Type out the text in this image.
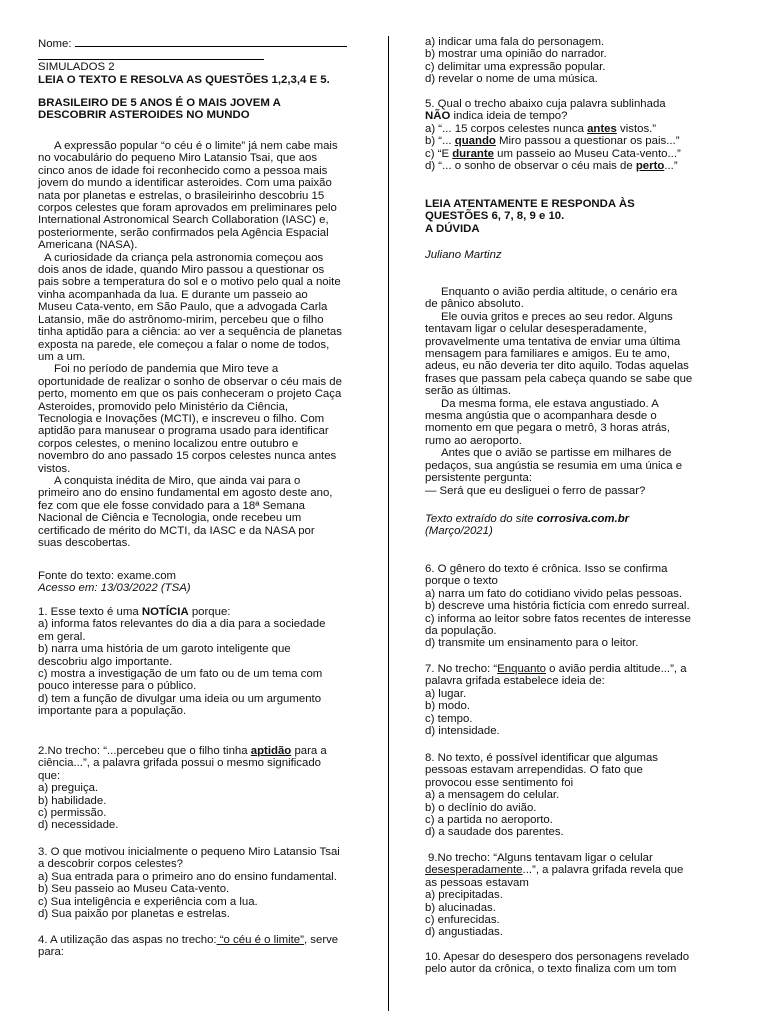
Nome:
SIMULADOS 2
LEIA O TEXTO E RESOLVA AS QUESTÕES 1,2,3,4 E 5.
BRASILEIRO DE 5 ANOS É O MAIS JOVEM A
DESCOBRIR ASTEROIDES NO MUNDO
A expressão popular “o céu é o limite” já nem cabe mais
no vocabulário do pequeno Miro Latansio Tsai, que aos
cinco anos de idade foi reconhecido como a pessoa mais
jovem do mundo a identificar asteroides. Com uma paixão
nata por planetas e estrelas, o brasileirinho descobriu 15
corpos celestes que foram aprovados em preliminares pelo
International Astronomical Search Collaboration (IASC) e,
posteriormente, serão confirmados pela Agência Espacial
Americana (NASA).
A curiosidade da criança pela astronomia começou aos
dois anos de idade, quando Miro passou a questionar os
pais sobre a temperatura do sol e o motivo pelo qual a noite
vinha acompanhada da lua. E durante um passeio ao
Museu Cata-vento, em São Paulo, que a advogada Carla
Latansio, mãe do astrônomo-mirim, percebeu que o filho
tinha aptidão para a ciência: ao ver a sequência de planetas
exposta na parede, ele começou a falar o nome de todos,
um a um.
Foi no período de pandemia que Miro teve a
oportunidade de realizar o sonho de observar o céu mais de
perto, momento em que os pais conheceram o projeto Caça
Asteroides, promovido pelo Ministério da Ciência,
Tecnologia e Inovações (MCTI), e inscreveu o filho. Com
aptidão para manusear o programa usado para identificar
corpos celestes, o menino localizou entre outubro e
novembro do ano passado 15 corpos celestes nunca antes
vistos.
A conquista inédita de Miro, que ainda vai para o
primeiro ano do ensino fundamental em agosto deste ano,
fez com que ele fosse convidado para a 18ª Semana
Nacional de Ciência e Tecnologia, onde recebeu um
certificado de mérito do MCTI, da IASC e da NASA por
suas descobertas.
Fonte do texto: exame.com
Acesso em: 13/03/2022 (TSA)
1. Esse texto é uma NOTÍCIA porque:
a) informa fatos relevantes do dia a dia para a sociedade
em geral.
b) narra uma história de um garoto inteligente que
descobriu algo importante.
c) mostra a investigação de um fato ou de um tema com
pouco interesse para o público.
d) tem a função de divulgar uma ideia ou um argumento
importante para a população.
2.No trecho: “...percebeu que o filho tinha aptidão para a
ciência...”, a palavra grifada possui o mesmo significado
que:
a) preguiça.
b) habilidade.
c) permissão.
d) necessidade.
3. O que motivou inicialmente o pequeno Miro Latansio Tsai
a descobrir corpos celestes?
a) Sua entrada para o primeiro ano do ensino fundamental.
b) Seu passeio ao Museu Cata-vento.
c) Sua inteligência e experiência com a lua.
d) Sua paixão por planetas e estrelas.
4. A utilização das aspas no trecho: “o céu é o limite”, serve
para:
a) indicar uma fala do personagem.
b) mostrar uma opinião do narrador.
c) delimitar uma expressão popular.
d) revelar o nome de uma música.
5. Qual o trecho abaixo cuja palavra sublinhada
NÃO indica ideia de tempo?
a) “... 15 corpos celestes nunca antes vistos.”
b) “... quando Miro passou a questionar os pais...”
c) “E durante um passeio ao Museu Cata-vento...”
d) “... o sonho de observar o céu mais de perto...”
LEIA ATENTAMENTE E RESPONDA ÀS
QUESTÕES 6, 7, 8, 9 e 10.
A DÚVIDA
Juliano Martinz
Enquanto o avião perdia altitude, o cenário era
de pânico absoluto.
Ele ouvia gritos e preces ao seu redor. Alguns
tentavam ligar o celular desesperadamente,
provavelmente uma tentativa de enviar uma última
mensagem para familiares e amigos. Eu te amo,
adeus, eu não deveria ter dito aquilo. Todas aquelas
frases que passam pela cabeça quando se sabe que
serão as últimas.
Da mesma forma, ele estava angustiado. A
mesma angústia que o acompanhara desde o
momento em que pegara o metrô, 3 horas atrás,
rumo ao aeroporto.
Antes que o avião se partisse em milhares de
pedaços, sua angústia se resumia em uma única e
persistente pergunta:
— Será que eu desliguei o ferro de passar?
Texto extraído do site corrosiva.com.br
(Março/2021)
6. O gênero do texto é crônica. Isso se confirma
porque o texto
a) narra um fato do cotidiano vivido pelas pessoas.
b) descreve uma história fictícia com enredo surreal.
c) informa ao leitor sobre fatos recentes de interesse
da população.
d) transmite um ensinamento para o leitor.
7. No trecho: “Enquanto o avião perdia altitude...”, a
palavra grifada estabelece ideia de:
a) lugar.
b) modo.
c) tempo.
d) intensidade.
8. No texto, é possível identificar que algumas
pessoas estavam arrependidas. O fato que
provocou esse sentimento foi
a) a mensagem do celular.
b) o declínio do avião.
c) a partida no aeroporto.
d) a saudade dos parentes.
9.No trecho: “Alguns tentavam ligar o celular
desesperadamente...”, a palavra grifada revela que
as pessoas estavam
a) precipitadas.
b) alucinadas.
c) enfurecidas.
d) angustiadas.
10. Apesar do desespero dos personagens revelado
pelo autor da crônica, o texto finaliza com um tom
